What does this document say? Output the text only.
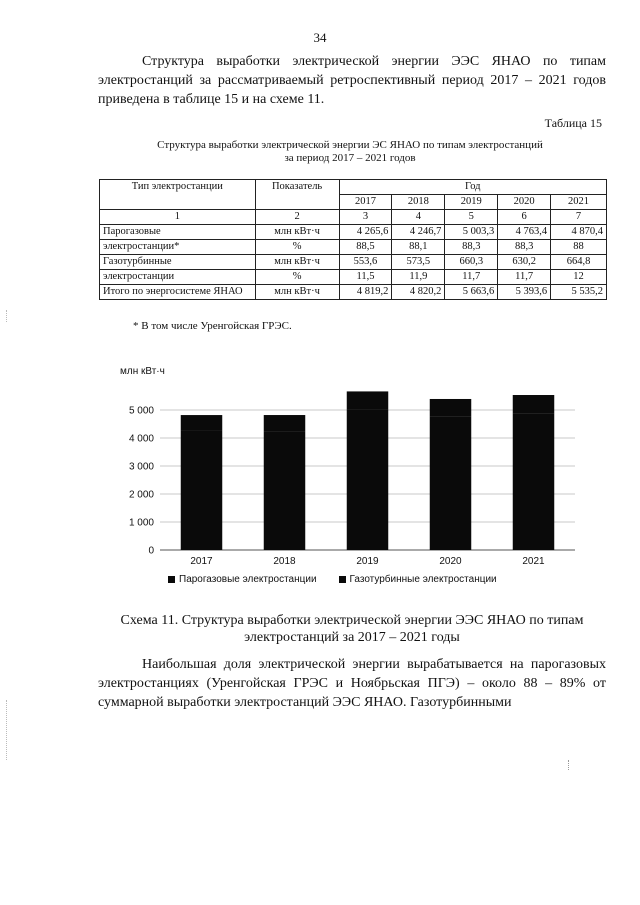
34

Структура выработки электрической энергии ЭЭС ЯНАО по типам электростанций за рассматриваемый ретроспективный период 2017 – 2021 годов приведена в таблице 15 и на схеме 11.

Таблица 15
Структура выработки электрической энергии ЭС ЯНАО по типам электростанций
за период 2017 – 2021 годов
Тип электростанции	Показатель	Год				
		2017	2018	2019	2020	2021
1	2	3	4	5	6	7
Парогазовые	млн кВт·ч	4 265,6	4 246,7	5 003,3	4 763,4	4 870,4
электростанции*	%	88,5	88,1	88,3	88,3	88
Газотурбинные	млн кВт·ч	553,6	573,5	660,3	630,2	664,8
электростанции	%	11,5	11,9	11,7	11,7	12
Итого по энергосистеме ЯНАО	млн кВт·ч	4 819,2	4 820,2	5 663,6	5 393,6	5 535,2
* В том числе Уренгойская ГРЭС.
млн кВт·ч
0
1 000
2 000
3 000
4 000
5 000
2017	2018	2019	2020	2021
Парогазовые электростанции	Газотурбинные электростанции
Схема 11. Структура выработки электрической энергии ЭЭС ЯНАО по типам
электростанций за 2017 – 2021 годы

Наибольшая доля электрической энергии вырабатывается на парогазовых электростанциях (Уренгойская ГРЭС и Ноябрьская ПГЭ) – около 88 – 89% от суммарной выработки электростанций ЭЭС ЯНАО. Газотурбинными
